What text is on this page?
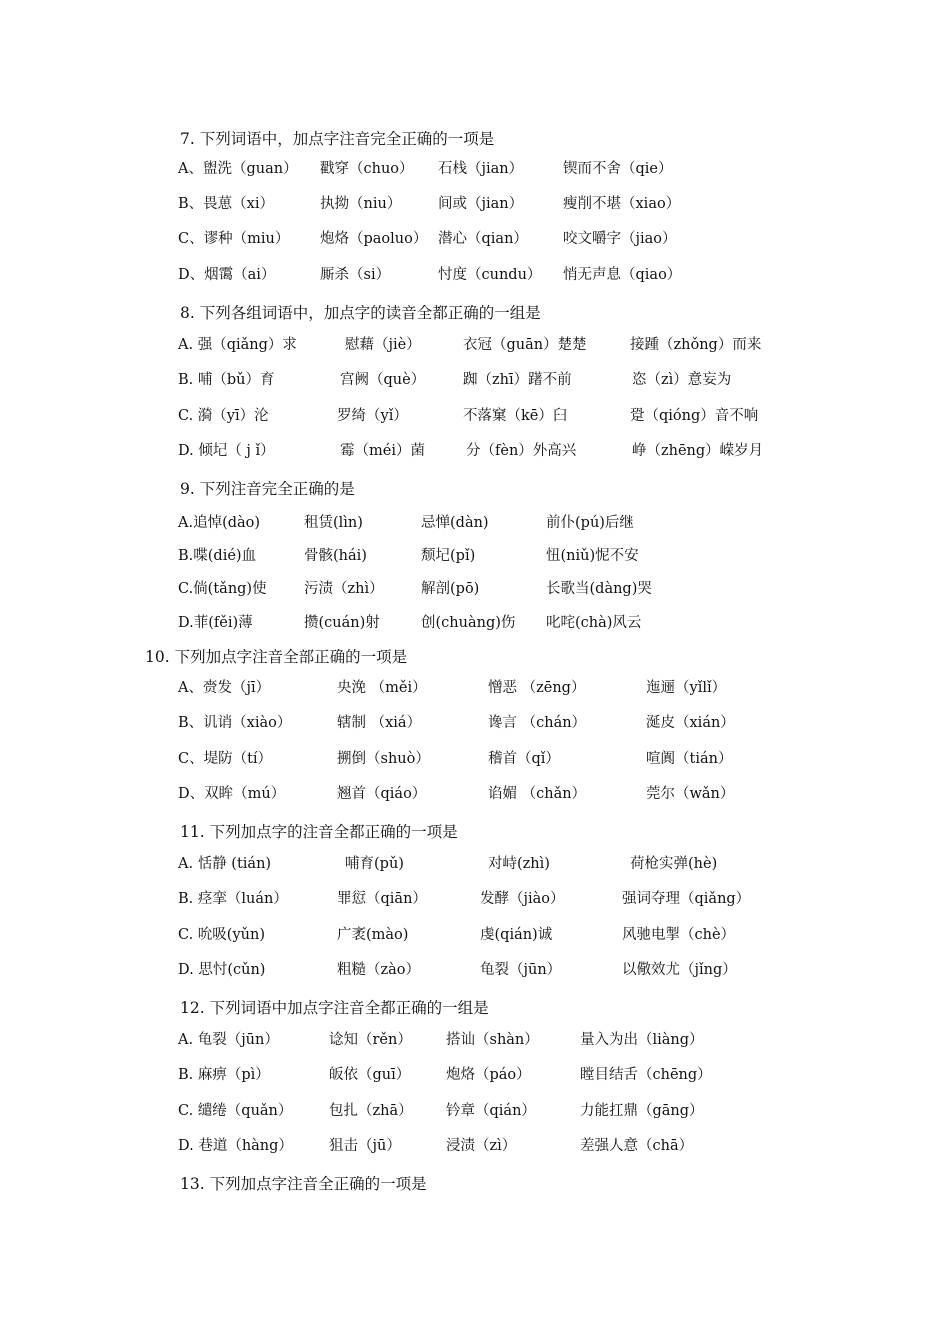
7. 下列词语中，加点字注音完全正确的一项是
A、盥洗（guan） 戳穿（chuo） 石栈（jian）	锲而不舍（qie）
B、畏葸（xi）	执拗（niu）	间或（jian）	瘦削不堪（xiao）
C、谬种（miu） 炮烙（paoluo） 潜心（qian） 咬文嚼字（jiao）
D、烟霭（ai）	厮杀（si）	忖度（cundu） 悄无声息（qiao）
8. 下列各组词语中，加点字的读音全都正确的一组是
A. 强（qiǎng）求	慰藉（jiè）	衣冠（guān）楚楚	接踵（zhǒng）而来
B. 哺（bǔ）育	宫阙（què）	踟（zhī）躇不前	恣（zì）意妄为
C. 漪（yī）沦	罗绮（yǐ）	不落窠（kē）臼	跫（qióng）音不响
D. 倾圮（ j ǐ）	霉（méi）菌	分（fèn）外高兴	峥（zhēng）嵘岁月
9. 下列注音完全正确的是
A.追悼(dào)	租赁(lìn)	忌惮(dàn)	前仆(pú)后继
B.喋(dié)血	骨骸(hái)	颓圮(pǐ)	忸(niǔ)怩不安
C.倘(tǎng)使	污渍（zhì）	解剖(pō)	长歌当(dàng)哭
D.菲(fěi)薄	攒(cuán)射	创(chuàng)伤 叱咤(chà)风云
10. 下列加点字注音全部正确的一项是
A、赍发（jī）	央浼 （měi）	憎恶 （zēng）	迤逦（yǐlǐ）
B、讥诮（xiào）	辖制 （xiá）	谗言 （chán）	涎皮（xián）
C、堤防（tí）	搠倒（shuò）	稽首（qǐ）	喧阗（tián）
D、双眸（mú）	翘首（qiáo）	谄媚 （chǎn）	莞尔（wǎn）
11. 下列加点字的注音全都正确的一项是
A. 恬静 (tián)	哺育(pǔ)	对峙(zhì)	荷枪实弹(hè)
B. 痉挛（luán）	罪愆（qiān）	发酵（jiào）	强词夺理（qiǎng）
C. 吮吸(yǔn)	广袤(mào)	虔(qián)诚	风驰电掣（chè）
D. 思忖(cǔn)	粗糙（zào）	龟裂（jūn）	以儆效尤（jǐng）
12. 下列词语中加点字注音全都正确的一组是
A. 龟裂（jūn）	谂知（rěn） 搭讪（shàn）	量入为出（liàng）
B. 麻痹（pì）	皈依（guī） 炮烙（páo）	瞠目结舌（chēng）
C. 缱绻（quǎn）	包扎（zhā） 钤章（qián）	力能扛鼎（gāng）
D. 巷道（hàng） 狙击（jū）	浸渍（zì）	差强人意（chā）
13. 下列加点字注音全正确的一项是
